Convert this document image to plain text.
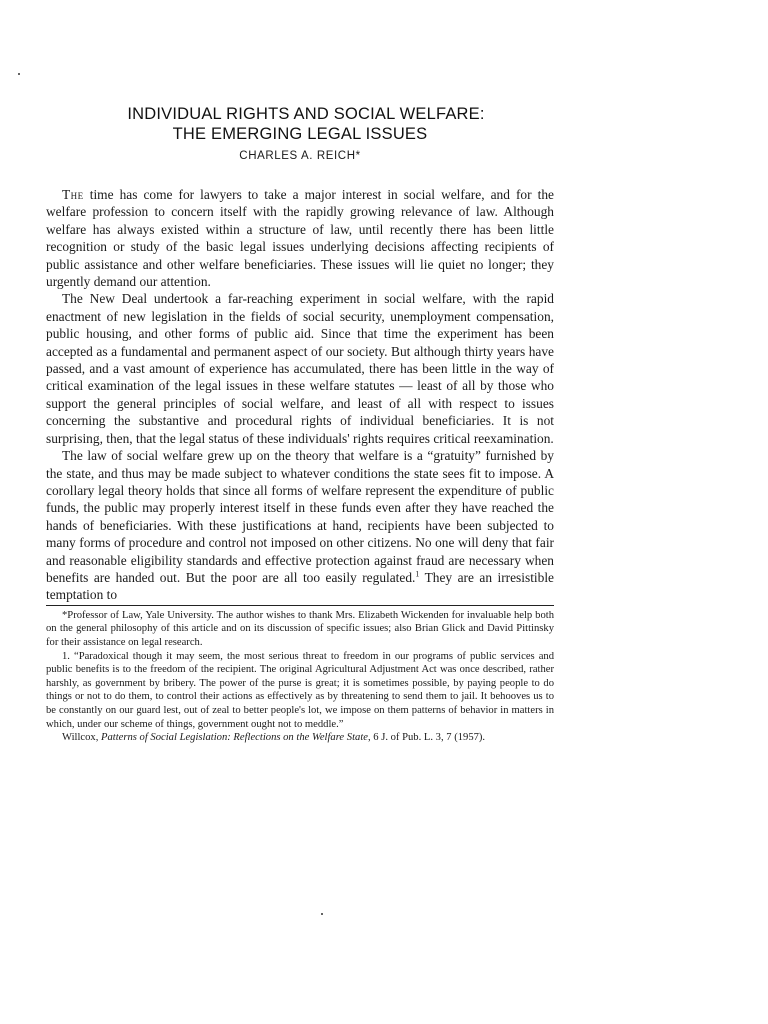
INDIVIDUAL RIGHTS AND SOCIAL WELFARE:
THE EMERGING LEGAL ISSUES
CHARLES A. REICH*

The time has come for lawyers to take a major interest in social welfare, and for the welfare profession to concern itself with the rapidly growing relevance of law. Although welfare has always existed within a structure of law, until recently there has been little recognition or study of the basic legal issues underlying decisions affecting recipients of public assistance and other welfare beneficiaries. These issues will lie quiet no longer; they urgently demand our attention.

The New Deal undertook a far-reaching experiment in social welfare, with the rapid enactment of new legislation in the fields of social security, unemployment compensation, public housing, and other forms of public aid. Since that time the experiment has been accepted as a fundamental and permanent aspect of our society. But although thirty years have passed, and a vast amount of experience has accumulated, there has been little in the way of critical examination of the legal issues in these welfare statutes — least of all by those who support the general principles of social welfare, and least of all with respect to issues concerning the substantive and procedural rights of individual beneficiaries. It is not surprising, then, that the legal status of these individuals' rights requires critical reexamination.

The law of social welfare grew up on the theory that welfare is a “gratuity” furnished by the state, and thus may be made subject to whatever conditions the state sees fit to impose. A corollary legal theory holds that since all forms of welfare represent the expenditure of public funds, the public may properly interest itself in these funds even after they have reached the hands of beneficiaries. With these justifications at hand, recipients have been subjected to many forms of procedure and control not imposed on other citizens. No one will deny that fair and reasonable eligibility standards and effective protection against fraud are necessary when benefits are handed out. But the poor are all too easily regulated.$^1$ They are an irresistible temptation to

*Professor of Law, Yale University. The author wishes to thank Mrs. Elizabeth Wickenden for invaluable help both on the general philosophy of this article and on its discussion of specific issues; also Brian Glick and David Pittinsky for their assistance on legal research.

1. “Paradoxical though it may seem, the most serious threat to freedom in our programs of public services and public benefits is to the freedom of the recipient. The original Agricultural Adjustment Act was once described, rather harshly, as government by bribery. The power of the purse is great; it is sometimes possible, by paying people to do things or not to do them, to control their actions as effectively as by threatening to send them to jail. It behooves us to be constantly on our guard lest, out of zeal to better people's lot, we impose on them patterns of behavior in matters in which, under our scheme of things, government ought not to meddle.”

Willcox, Patterns of Social Legislation: Reflections on the Welfare State, 6 J. of Pub. L. 3, 7 (1957).
